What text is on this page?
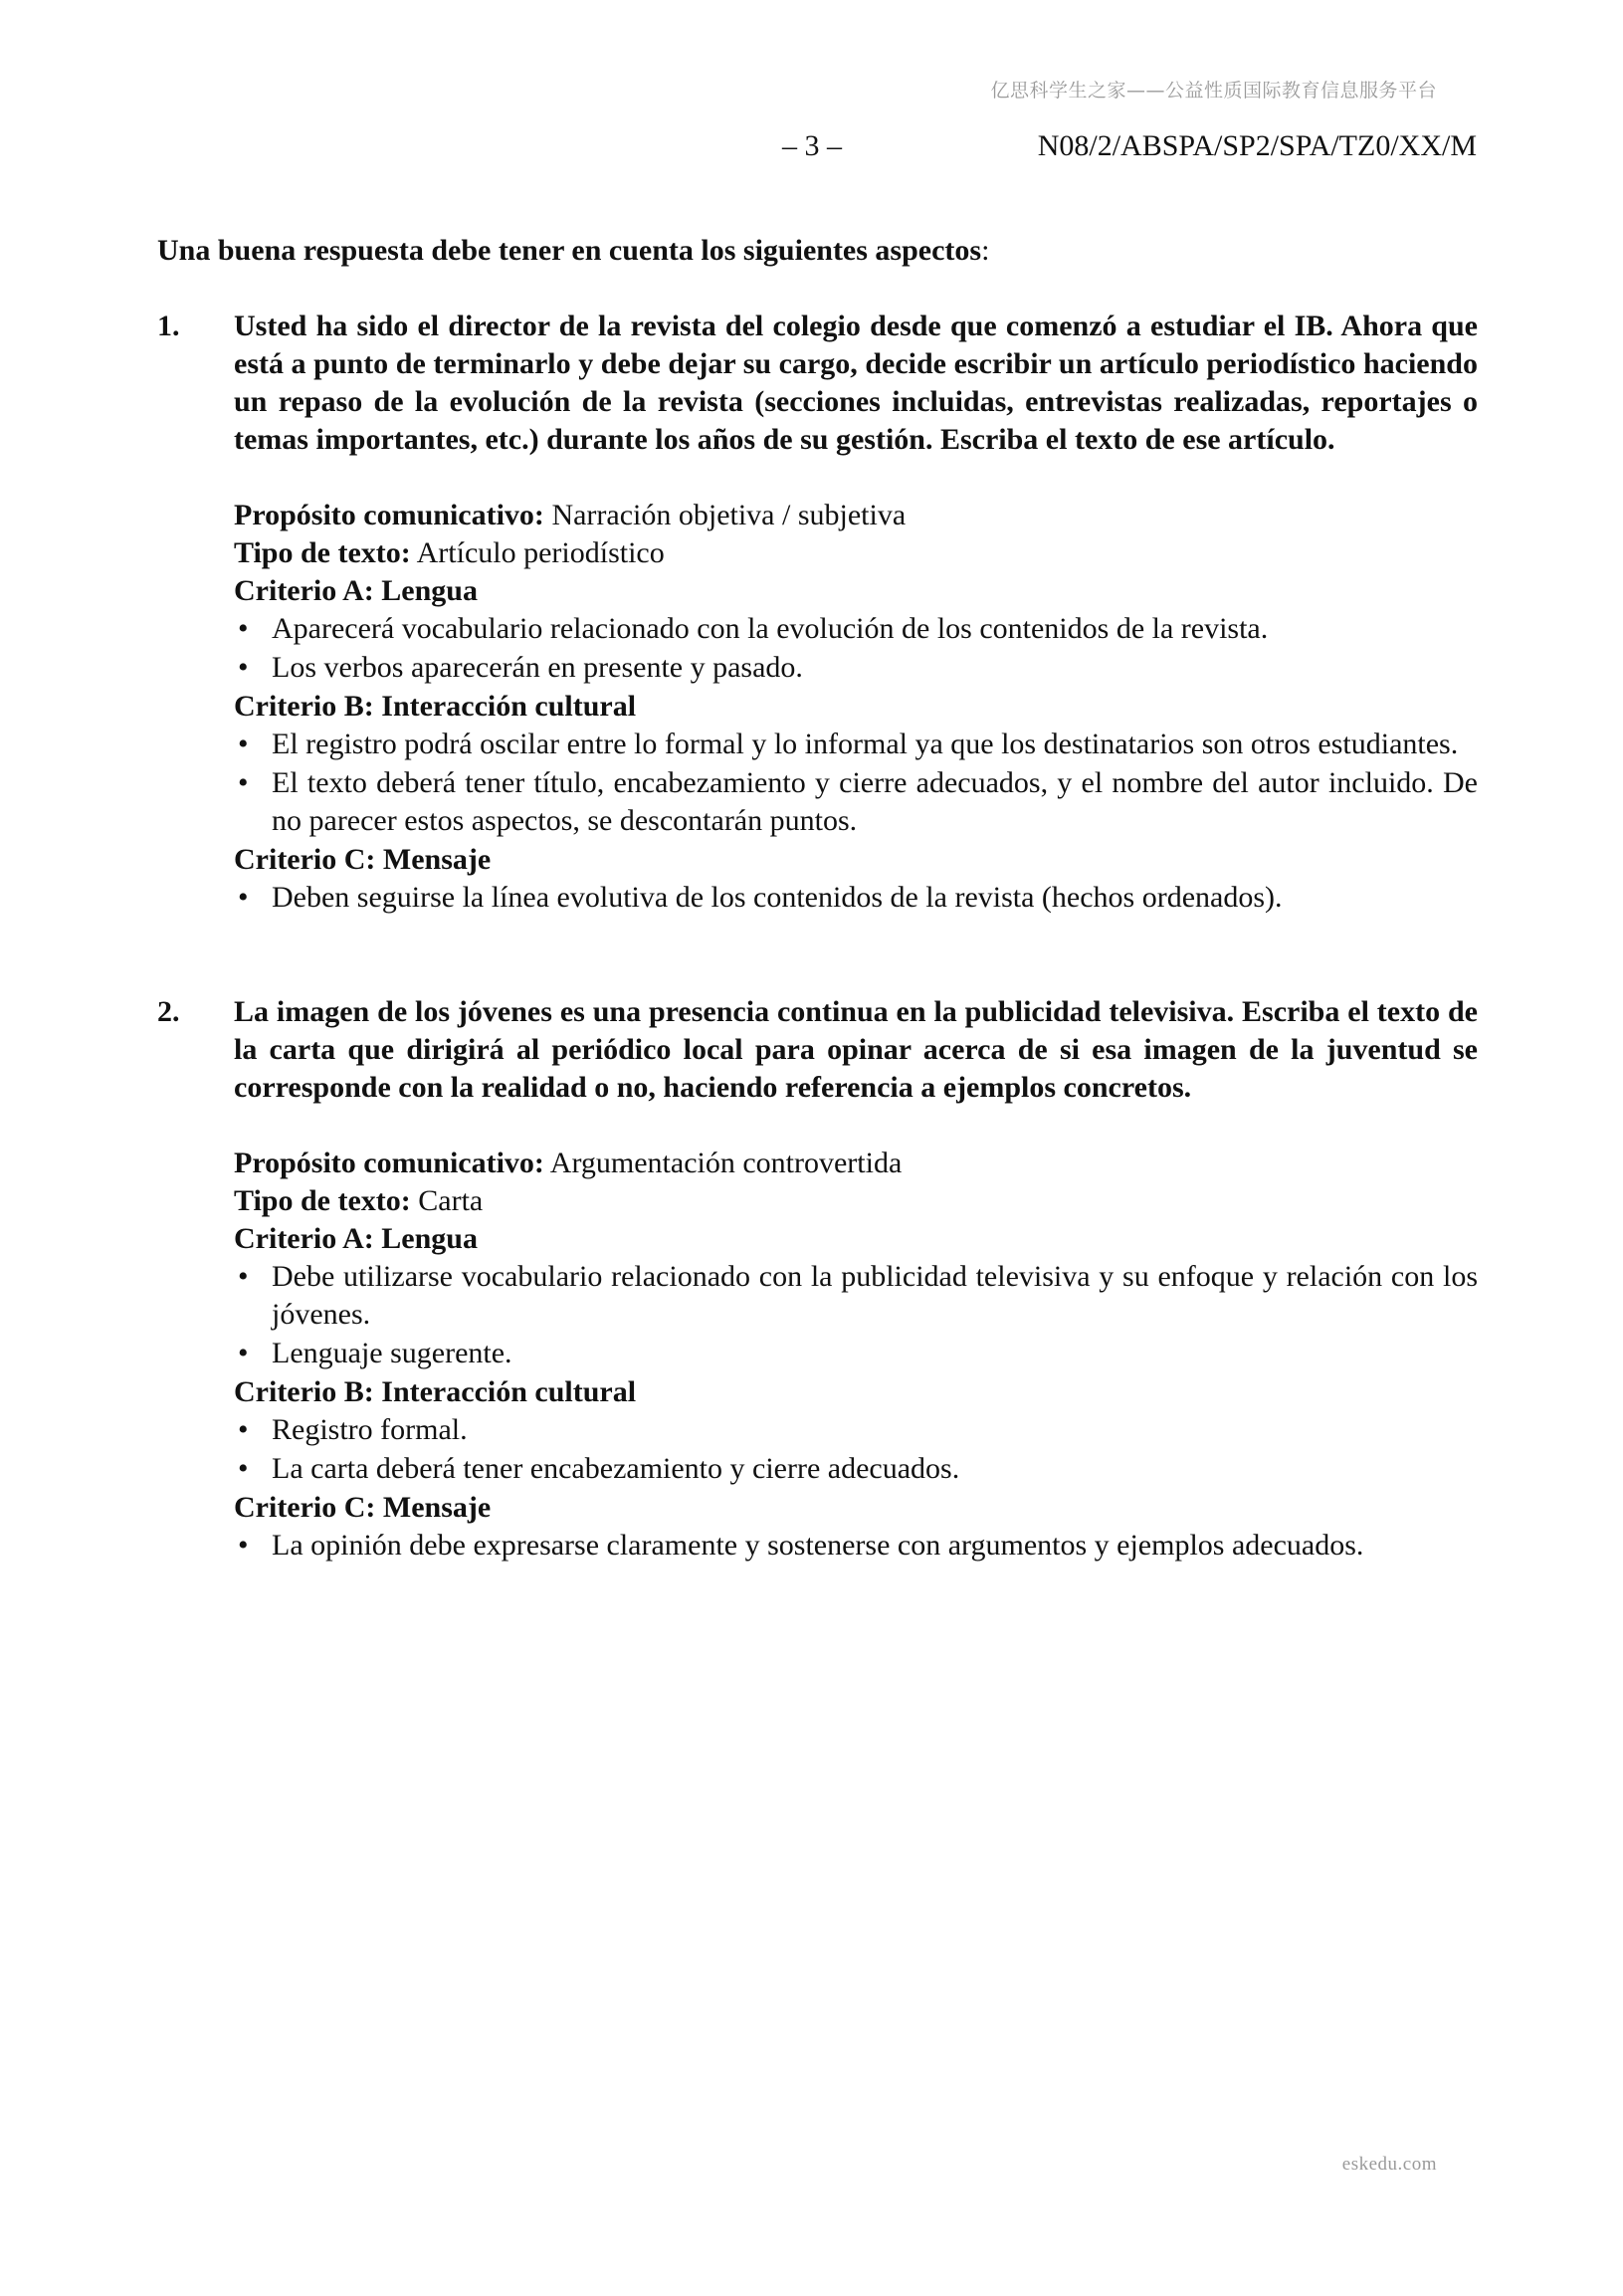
亿思科学生之家——公益性质国际教育信息服务平台
– 3 –	N08/2/ABSPA/SP2/SPA/TZ0/XX/M

Una buena respuesta debe tener en cuenta los siguientes aspectos:

1.	Usted ha sido el director de la revista del colegio desde que comenzó a estudiar el IB. Ahora que está a punto de terminarlo y debe dejar su cargo, decide escribir un artículo periodístico haciendo un repaso de la evolución de la revista (secciones incluidas, entrevistas realizadas, reportajes o temas importantes, etc.) durante los años de su gestión. Escriba el texto de ese artículo.

Propósito comunicativo: Narración objetiva / subjetiva

Tipo de texto: Artículo periodístico

Criterio A: Lengua

• Aparecerá vocabulario relacionado con la evolución de los contenidos de la revista.
• Los verbos aparecerán en presente y pasado.

Criterio B: Interacción cultural

• El registro podrá oscilar entre lo formal y lo informal ya que los destinatarios son otros estudiantes.
• El texto deberá tener título, encabezamiento y cierre adecuados, y el nombre del autor incluido. De no parecer estos aspectos, se descontarán puntos.

Criterio C: Mensaje

• Deben seguirse la línea evolutiva de los contenidos de la revista (hechos ordenados).
2.	La imagen de los jóvenes es una presencia continua en la publicidad televisiva. Escriba el texto de la carta que dirigirá al periódico local para opinar acerca de si esa imagen de la juventud se corresponde con la realidad o no, haciendo referencia a ejemplos concretos.

Propósito comunicativo: Argumentación controvertida

Tipo de texto: Carta

Criterio A: Lengua

• Debe utilizarse vocabulario relacionado con la publicidad televisiva y su enfoque y relación con los jóvenes.
• Lenguaje sugerente.

Criterio B: Interacción cultural

• Registro formal.
• La carta deberá tener encabezamiento y cierre adecuados.

Criterio C: Mensaje

• La opinión debe expresarse claramente y sostenerse con argumentos y ejemplos adecuados.
eskedu.com
